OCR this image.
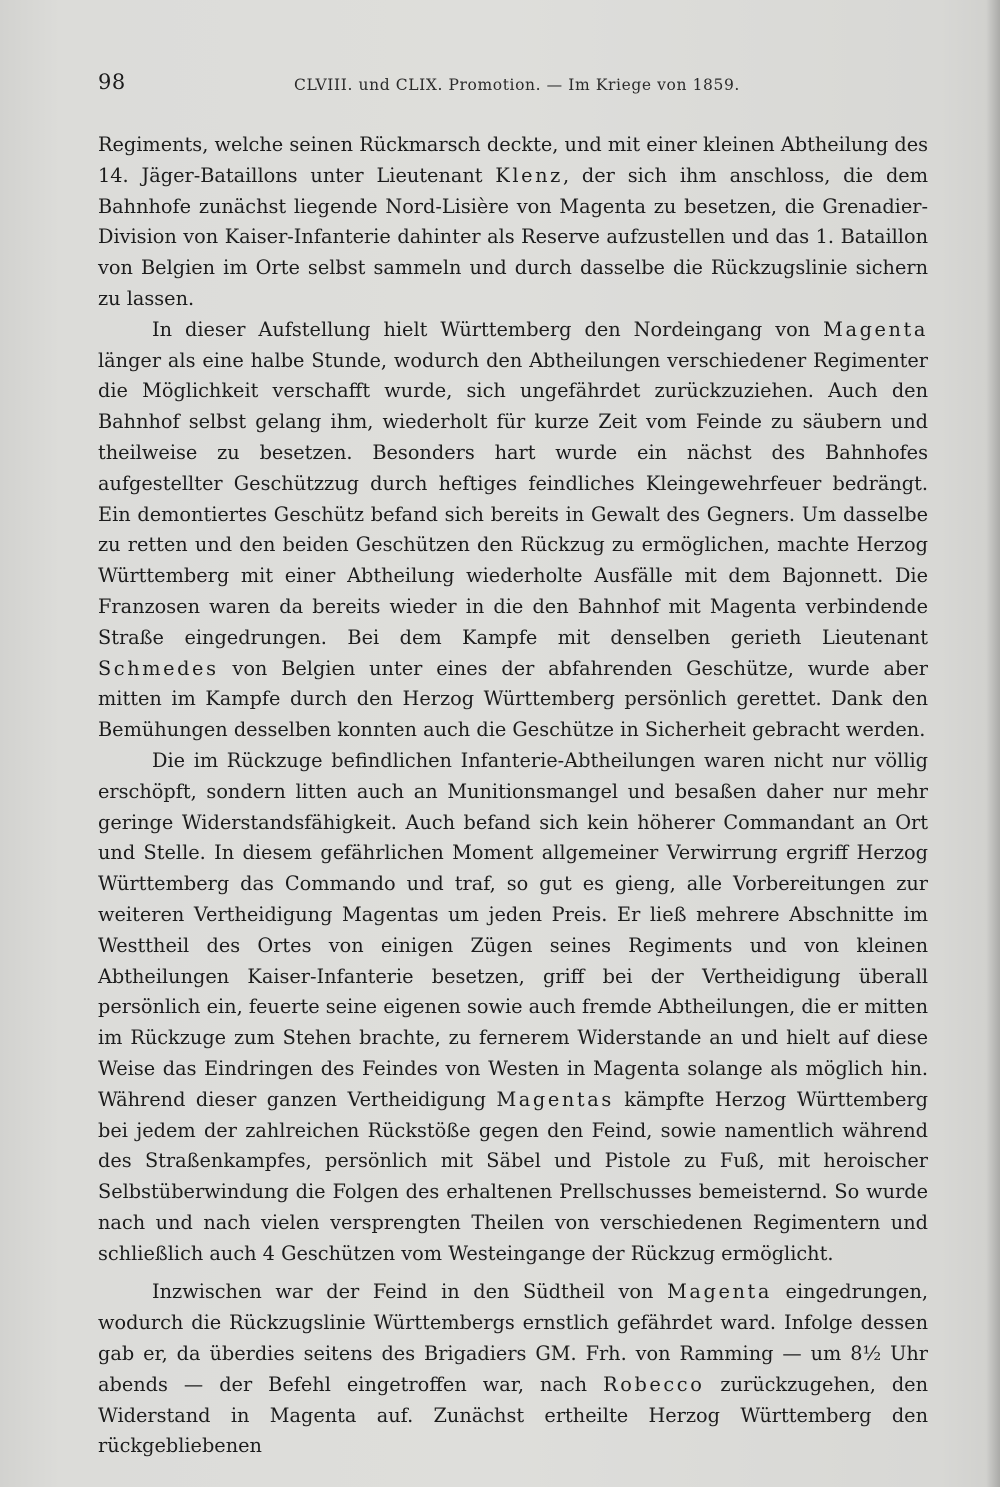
98	CLVIII. und CLIX. Promotion. — Im Kriege von 1859.

Regiments, welche seinen Rückmarsch deckte, und mit einer kleinen Abtheilung des 14. Jäger-Bataillons unter Lieutenant Klenz, der sich ihm anschloss, die dem Bahnhofe zunächst liegende Nord-Lisière von Magenta zu besetzen, die Grenadier-Division von Kaiser-Infanterie dahinter als Reserve aufzustellen und das 1. Bataillon von Belgien im Orte selbst sammeln und durch dasselbe die Rückzugslinie sichern zu lassen.

In dieser Aufstellung hielt Württemberg den Nordeingang von Magenta länger als eine halbe Stunde, wodurch den Abtheilungen verschiedener Regimenter die Möglichkeit verschafft wurde, sich ungefährdet zurückzuziehen. Auch den Bahnhof selbst gelang ihm, wiederholt für kurze Zeit vom Feinde zu säubern und theilweise zu besetzen. Besonders hart wurde ein nächst des Bahnhofes aufgestellter Geschützzug durch heftiges feindliches Kleingewehrfeuer bedrängt. Ein demontiertes Geschütz befand sich bereits in Gewalt des Gegners. Um dasselbe zu retten und den beiden Geschützen den Rückzug zu ermöglichen, machte Herzog Württemberg mit einer Abtheilung wiederholte Ausfälle mit dem Bajonnett. Die Franzosen waren da bereits wieder in die den Bahnhof mit Magenta verbindende Straße eingedrungen. Bei dem Kampfe mit denselben gerieth Lieutenant Schmedes von Belgien unter eines der abfahrenden Geschütze, wurde aber mitten im Kampfe durch den Herzog Württemberg persönlich gerettet. Dank den Bemühungen desselben konnten auch die Geschütze in Sicherheit gebracht werden.

Die im Rückzuge befindlichen Infanterie-Abtheilungen waren nicht nur völlig erschöpft, sondern litten auch an Munitionsmangel und besaßen daher nur mehr geringe Widerstandsfähigkeit. Auch befand sich kein höherer Commandant an Ort und Stelle. In diesem gefährlichen Moment allgemeiner Verwirrung ergriff Herzog Württemberg das Commando und traf, so gut es gieng, alle Vorbereitungen zur weiteren Vertheidigung Magentas um jeden Preis. Er ließ mehrere Abschnitte im Westtheil des Ortes von einigen Zügen seines Regiments und von kleinen Abtheilungen Kaiser-Infanterie besetzen, griff bei der Vertheidigung überall persönlich ein, feuerte seine eigenen sowie auch fremde Abtheilungen, die er mitten im Rückzuge zum Stehen brachte, zu fernerem Widerstande an und hielt auf diese Weise das Eindringen des Feindes von Westen in Magenta solange als möglich hin. Während dieser ganzen Vertheidigung Magentas kämpfte Herzog Württemberg bei jedem der zahlreichen Rückstöße gegen den Feind, sowie namentlich während des Straßenkampfes, persönlich mit Säbel und Pistole zu Fuß, mit heroischer Selbstüberwindung die Folgen des erhaltenen Prellschusses bemeisternd. So wurde nach und nach vielen versprengten Theilen von verschiedenen Regimentern und schließlich auch 4 Geschützen vom Westeingange der Rückzug ermöglicht.

Inzwischen war der Feind in den Südtheil von Magenta eingedrungen, wodurch die Rückzugslinie Württembergs ernstlich gefährdet ward. Infolge dessen gab er, da überdies seitens des Brigadiers GM. Frh. von Ramming — um 8½ Uhr abends — der Befehl eingetroffen war, nach Robecco zurückzugehen, den Widerstand in Magenta auf. Zunächst ertheilte Herzog Württemberg den rückgebliebenen
